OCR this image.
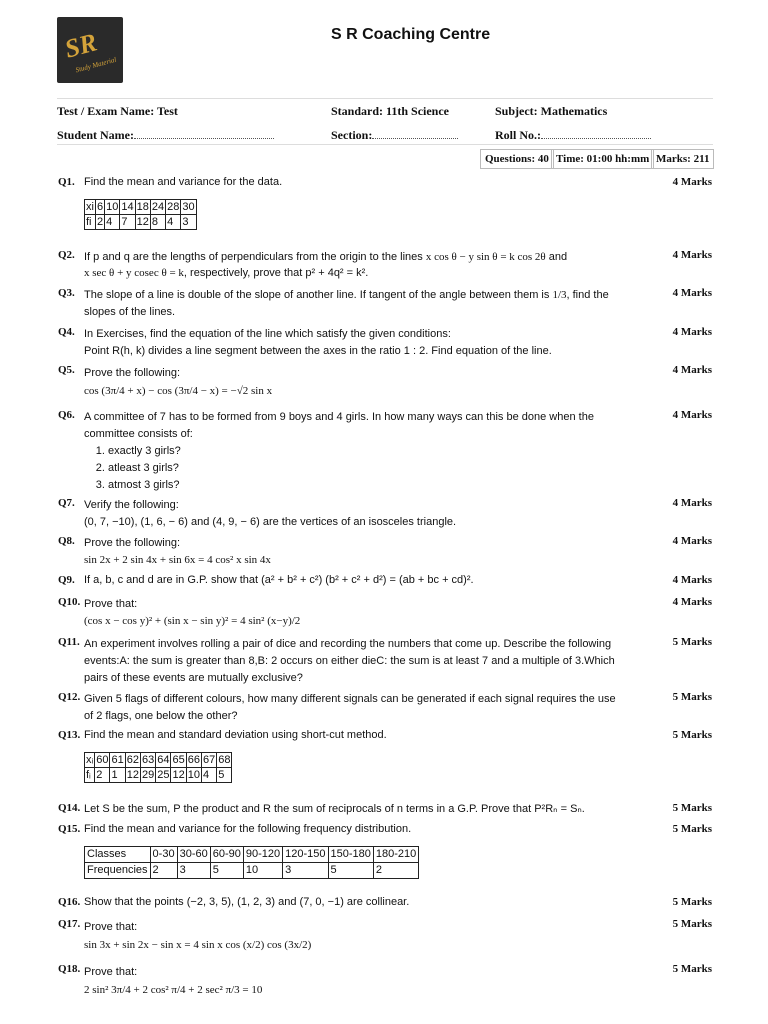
SR
Study Material
S R Coaching Centre
Test / Exam Name: Test	Standard: 11th Science	Subject: Mathematics
Student Name:	Section:	Roll No.:
Questions: 40 Time: 01:00 hh:mm Marks: 211
Q1. Find the mean and variance for the data.	4 Marks
xi	6	10	14	18	24	28	30
fi	2	4	7	12	8	4	3
Q2. If p and q are the lengths of perpendiculars from the origin to the lines x cos θ − y sin θ = k cos 2θ and
x sec θ + y cosec θ = k, respectively, prove that p² + 4q² = k².
4 Marks
Q3. The slope of a line is double of the slope of another line. If tangent of the angle between them is 1/3, find the
slopes of the lines.
4 Marks
Q4. In Exercises, find the equation of the line which satisfy the given conditions:
Point R(h, k) divides a line segment between the axes in the ratio 1 : 2. Find equation of the line.
4 Marks
Q5. Prove the following:
cos (3π/4 + x) − cos (3π/4 − x) = −√2 sin x
4 Marks
Q6. A committee of 7 has to be formed from 9 boys and 4 girls. In how many ways can this be done when the
committee consists of:
1. exactly 3 girls?
2. atleast 3 girls?
3. atmost 3 girls?
4 Marks
Q7. Verify the following:
(0, 7, −10), (1, 6, − 6) and (4, 9, − 6) are the vertices of an isosceles triangle.
4 Marks
Q8. Prove the following:
sin 2x + 2 sin 4x + sin 6x = 4 cos² x sin 4x
4 Marks
Q9. If a, b, c and d are in G.P. show that (a² + b² + c²) (b² + c² + d²) = (ab + bc + cd)².	4 Marks
Q10. Prove that:
(cos x − cos y)² + (sin x − sin y)² = 4 sin² (x−y)/2
4 Marks
Q11. An experiment involves rolling a pair of dice and recording the numbers that come up. Describe the following
events:A: the sum is greater than 8,B: 2 occurs on either dieC: the sum is at least 7 and a multiple of 3.Which
pairs of these events are mutually exclusive?
5 Marks
Q12. Given 5 flags of different colours, how many different signals can be generated if each signal requires the use
of 2 flags, one below the other?
5 Marks
Q13. Find the mean and standard deviation using short-cut method.	5 Marks
xᵢ	60	61	62	63	64	65	66	67	68
fᵢ	2	1	12	29	25	12	10	4	5
Q14. Let S be the sum, P the product and R the sum of reciprocals of n terms in a G.P. Prove that P²Rₙ = Sₙ.	5 Marks
Q15. Find the mean and variance for the following frequency distribution.	5 Marks
Classes	0-30	30-60	60-90	90-120	120-150	150-180	180-210
Frequencies	2	3	5	10	3	5	2
Q16. Show that the points (−2, 3, 5), (1, 2, 3) and (7, 0, −1) are collinear.	5 Marks
Q17. Prove that:
sin 3x + sin 2x − sin x = 4 sin x cos (x/2) cos (3x/2)
5 Marks
Q18. Prove that:
2 sin² 3π/4 + 2 cos² π/4 + 2 sec² π/3 = 10
5 Marks
